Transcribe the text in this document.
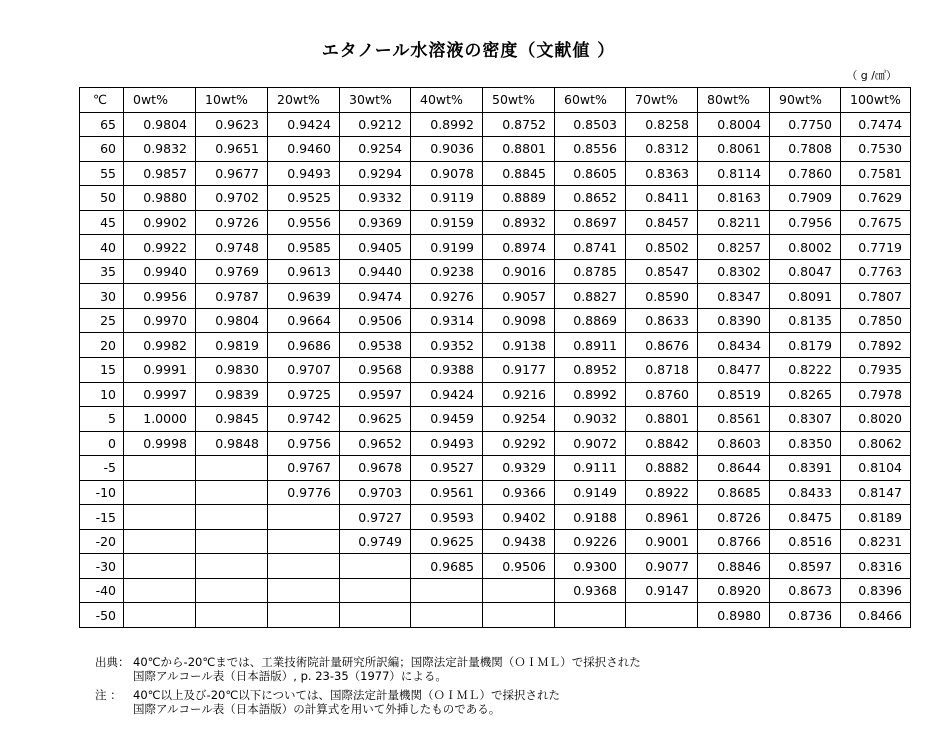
エタノール水溶液の密度（文献値 ）
（ g /㎤）
℃	0wt%	10wt%	20wt%	30wt%	40wt%	50wt%	60wt%	70wt%	80wt%	90wt%	100wt%
65	0.9804	0.9623	0.9424	0.9212	0.8992	0.8752	0.8503	0.8258	0.8004	0.7750	0.7474
60	0.9832	0.9651	0.9460	0.9254	0.9036	0.8801	0.8556	0.8312	0.8061	0.7808	0.7530
55	0.9857	0.9677	0.9493	0.9294	0.9078	0.8845	0.8605	0.8363	0.8114	0.7860	0.7581
50	0.9880	0.9702	0.9525	0.9332	0.9119	0.8889	0.8652	0.8411	0.8163	0.7909	0.7629
45	0.9902	0.9726	0.9556	0.9369	0.9159	0.8932	0.8697	0.8457	0.8211	0.7956	0.7675
40	0.9922	0.9748	0.9585	0.9405	0.9199	0.8974	0.8741	0.8502	0.8257	0.8002	0.7719
35	0.9940	0.9769	0.9613	0.9440	0.9238	0.9016	0.8785	0.8547	0.8302	0.8047	0.7763
30	0.9956	0.9787	0.9639	0.9474	0.9276	0.9057	0.8827	0.8590	0.8347	0.8091	0.7807
25	0.9970	0.9804	0.9664	0.9506	0.9314	0.9098	0.8869	0.8633	0.8390	0.8135	0.7850
20	0.9982	0.9819	0.9686	0.9538	0.9352	0.9138	0.8911	0.8676	0.8434	0.8179	0.7892
15	0.9991	0.9830	0.9707	0.9568	0.9388	0.9177	0.8952	0.8718	0.8477	0.8222	0.7935
10	0.9997	0.9839	0.9725	0.9597	0.9424	0.9216	0.8992	0.8760	0.8519	0.8265	0.7978
5	1.0000	0.9845	0.9742	0.9625	0.9459	0.9254	0.9032	0.8801	0.8561	0.8307	0.8020
0	0.9998	0.9848	0.9756	0.9652	0.9493	0.9292	0.9072	0.8842	0.8603	0.8350	0.8062
-5			0.9767	0.9678	0.9527	0.9329	0.9111	0.8882	0.8644	0.8391	0.8104
-10			0.9776	0.9703	0.9561	0.9366	0.9149	0.8922	0.8685	0.8433	0.8147
-15				0.9727	0.9593	0.9402	0.9188	0.8961	0.8726	0.8475	0.8189
-20				0.9749	0.9625	0.9438	0.9226	0.9001	0.8766	0.8516	0.8231
-30					0.9685	0.9506	0.9300	0.9077	0.8846	0.8597	0.8316
-40							0.9368	0.9147	0.8920	0.8673	0.8396
-50									0.8980	0.8736	0.8466
出典： 40℃から-20℃までは、工業技術院計量研究所訳編；国際法定計量機関（ＯＩＭＬ）で採択された
国際アルコール表（日本語版）, p. 23-35（1977）による。
注 ： 40℃以上及び-20℃以下については、国際法定計量機関（ＯＩＭＬ）で採択された
国際アルコール表（日本語版）の計算式を用いて外挿したものである。
